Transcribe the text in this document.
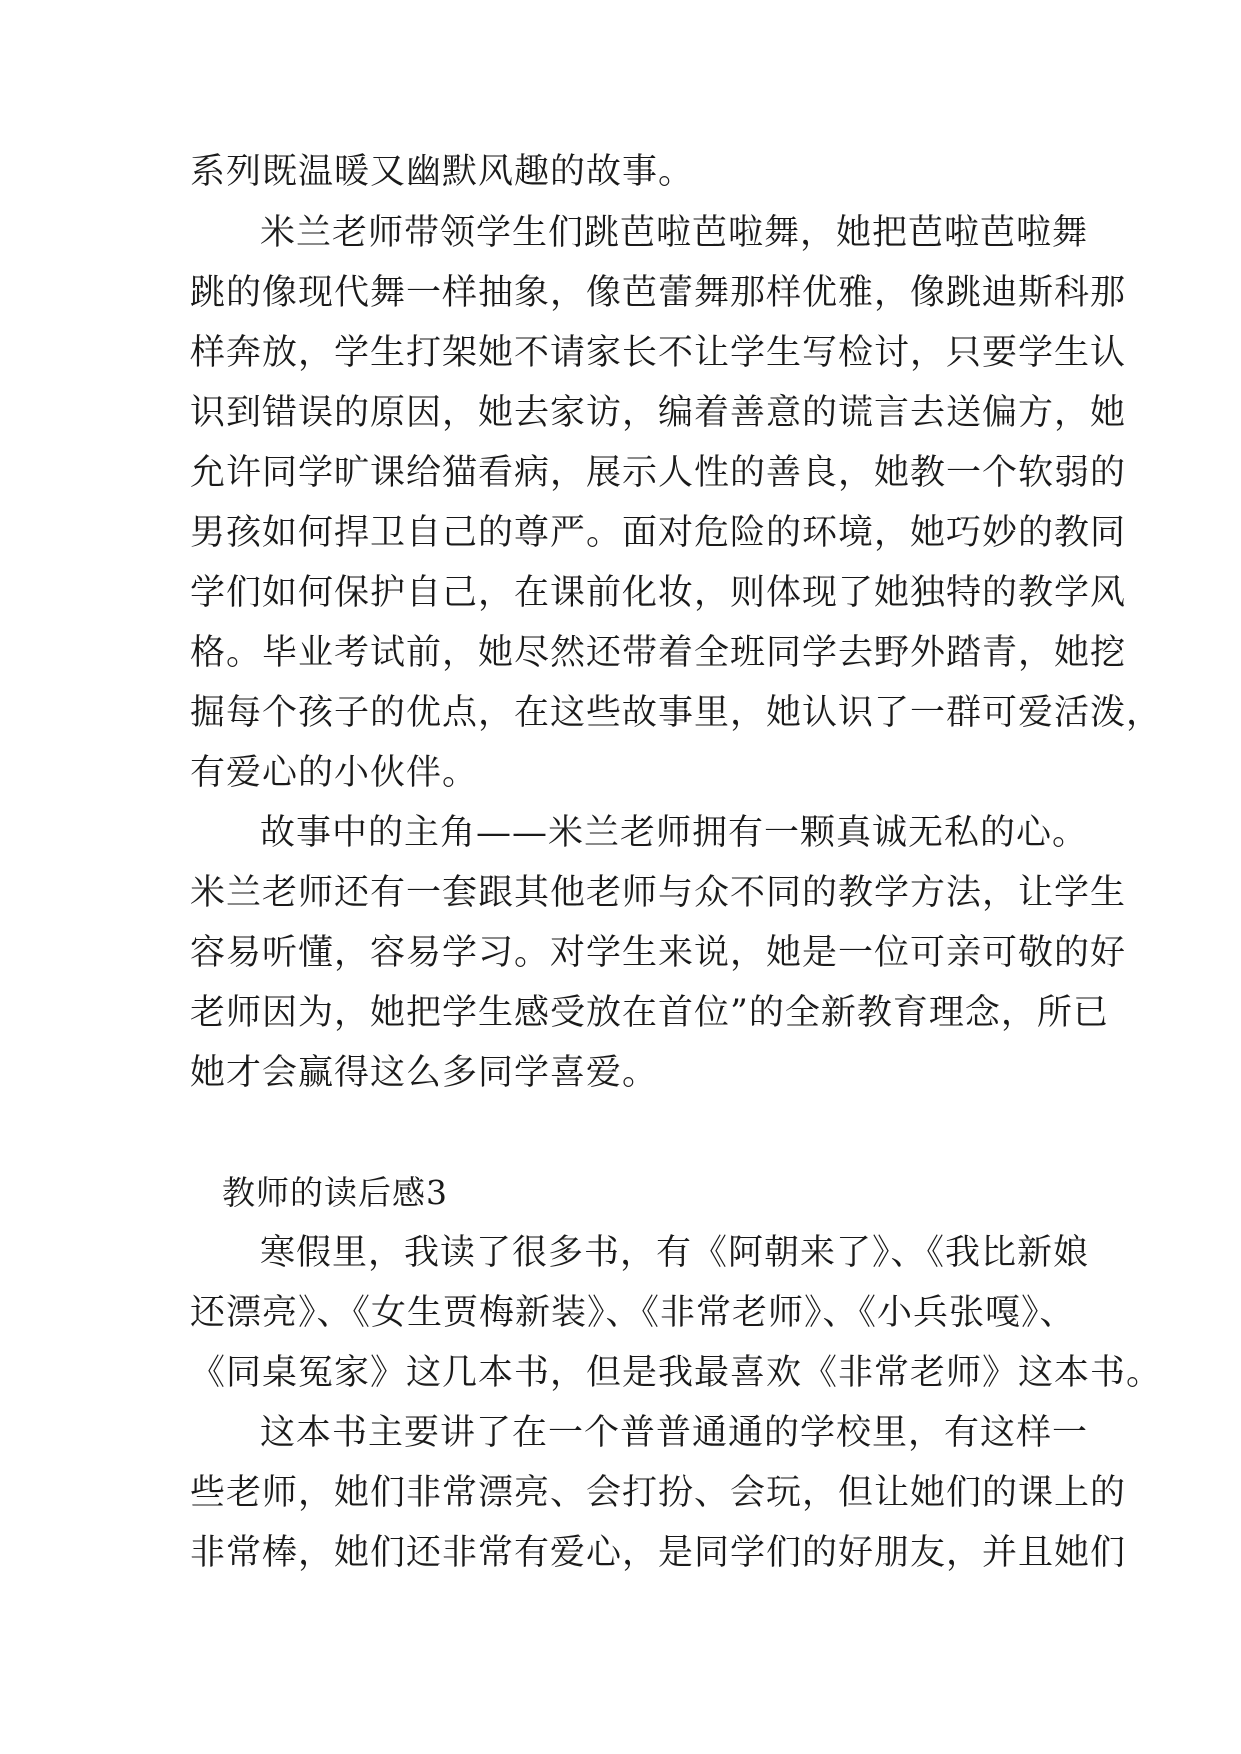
系列既温暖又幽默风趣的故事。
米兰老师带领学生们跳芭啦芭啦舞，她把芭啦芭啦舞
跳的像现代舞一样抽象，像芭蕾舞那样优雅，像跳迪斯科那
样奔放，学生打架她不请家长不让学生写检讨，只要学生认
识到错误的原因，她去家访，编着善意的谎言去送偏方，她
允许同学旷课给猫看病，展示人性的善良，她教一个软弱的
男孩如何捍卫自己的尊严。面对危险的环境，她巧妙的教同
学们如何保护自己，在课前化妆，则体现了她独特的教学风
格。毕业考试前，她尽然还带着全班同学去野外踏青，她挖
掘每个孩子的优点，在这些故事里，她认识了一群可爱活泼，
有爱心的小伙伴。
故事中的主角——米兰老师拥有一颗真诚无私的心。
米兰老师还有一套跟其他老师与众不同的教学方法，让学生
容易听懂，容易学习。对学生来说，她是一位可亲可敬的好
老师因为，她把学生感受放在首位”的全新教育理念，所已
她才会赢得这么多同学喜爱。
教师的读后感3
寒假里，我读了很多书，有《阿朝来了》、《我比新娘
还漂亮》、《女生贾梅新装》、《非常老师》、《小兵张嘎》、
《同桌冤家》这几本书，但是我最喜欢《非常老师》这本书。
这本书主要讲了在一个普普通通的学校里，有这样一
些老师，她们非常漂亮、会打扮、会玩，但让她们的课上的
非常棒，她们还非常有爱心，是同学们的好朋友，并且她们
